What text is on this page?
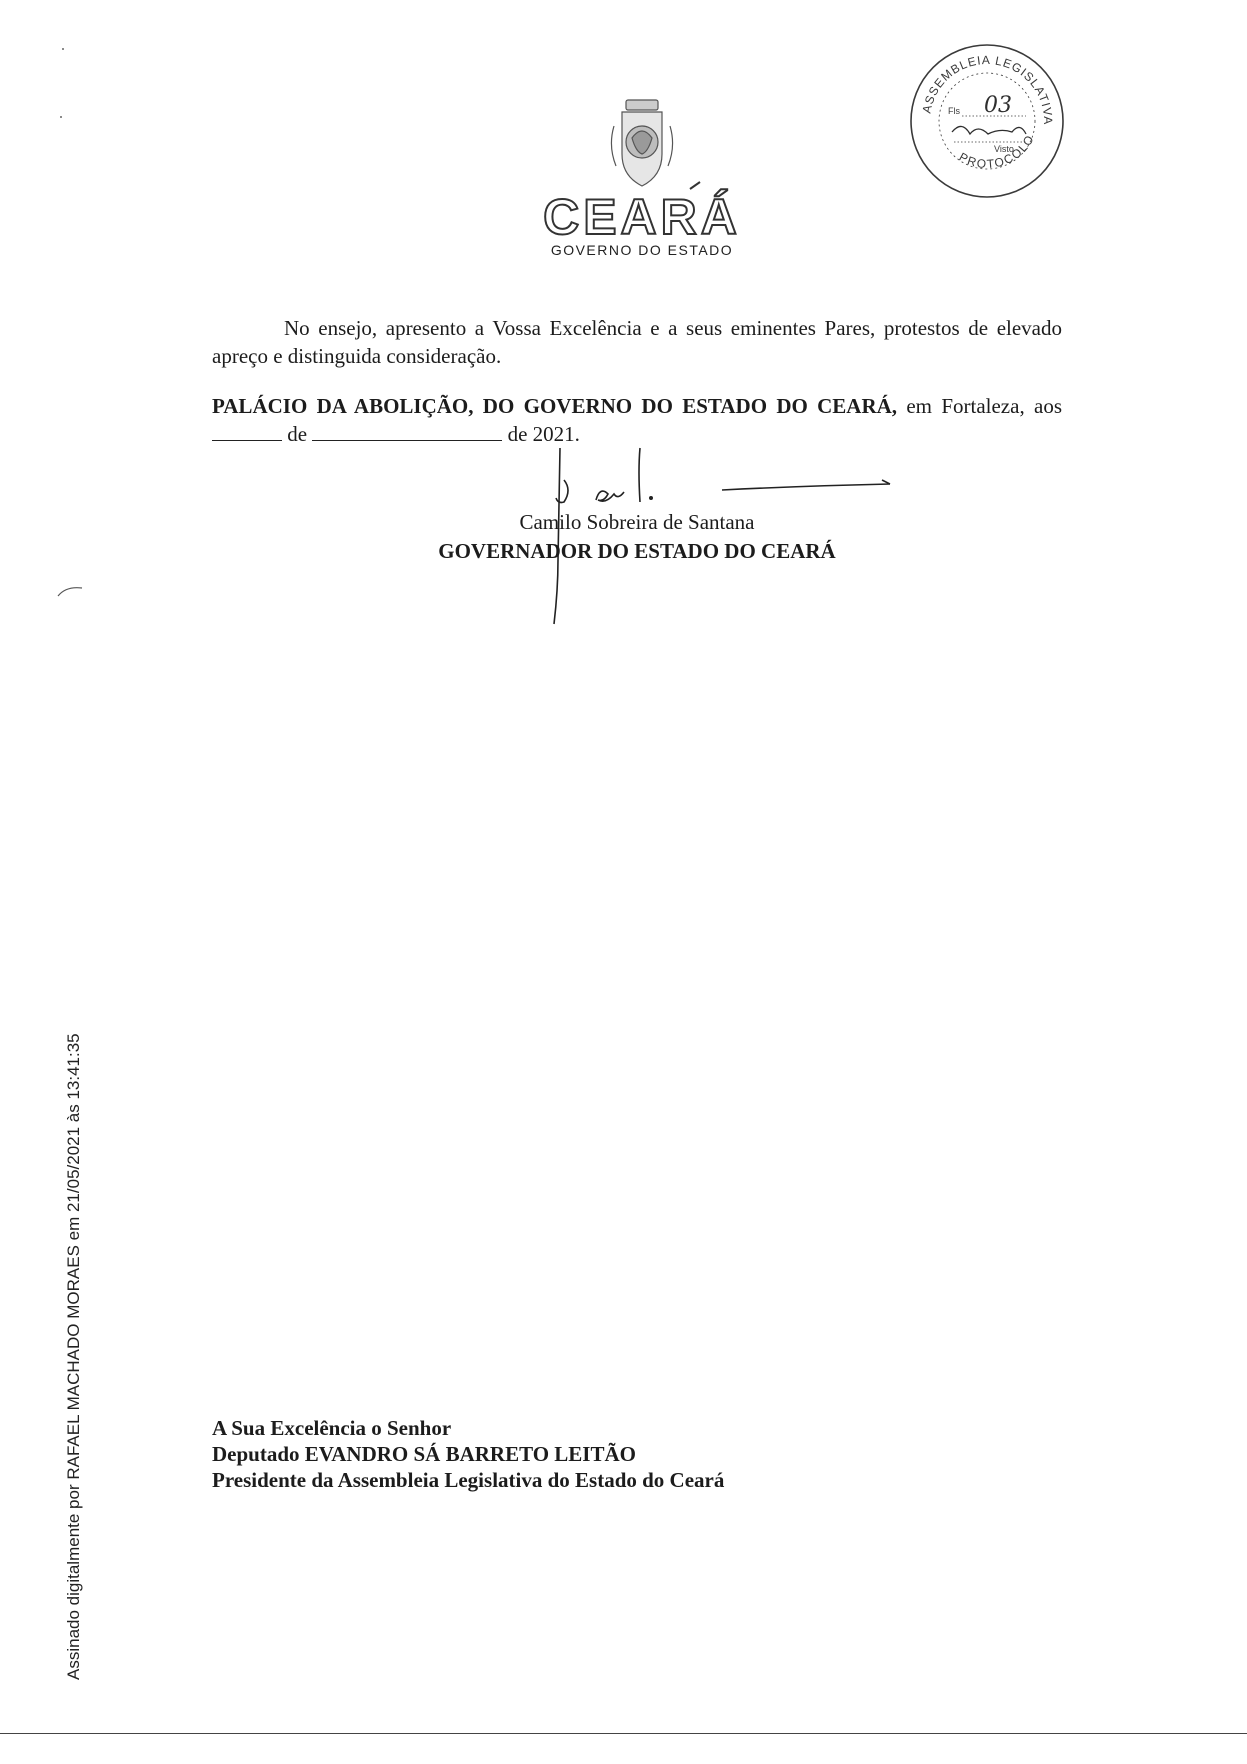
CEARÁ
GOVERNO DO ESTADO
ASSEMBLEIA LEGISLATIVA
PROTOCOLO
Fls 03
Visto
No ensejo, apresento a Vossa Excelência e a seus eminentes Pares, protestos de elevado apreço e distinguida consideração.
PALÁCIO DA ABOLIÇÃO, DO GOVERNO DO ESTADO DO CEARÁ, em Fortaleza, aos  de	de 2021.
Camilo Sobreira de Santana
GOVERNADOR DO ESTADO DO CEARÁ
A Sua Excelência o Senhor
Deputado EVANDRO SÁ BARRETO LEITÃO
Presidente da Assembleia Legislativa do Estado do Ceará
Assinado digitalmente por RAFAEL MACHADO MORAES em 21/05/2021 às 13:41:35
